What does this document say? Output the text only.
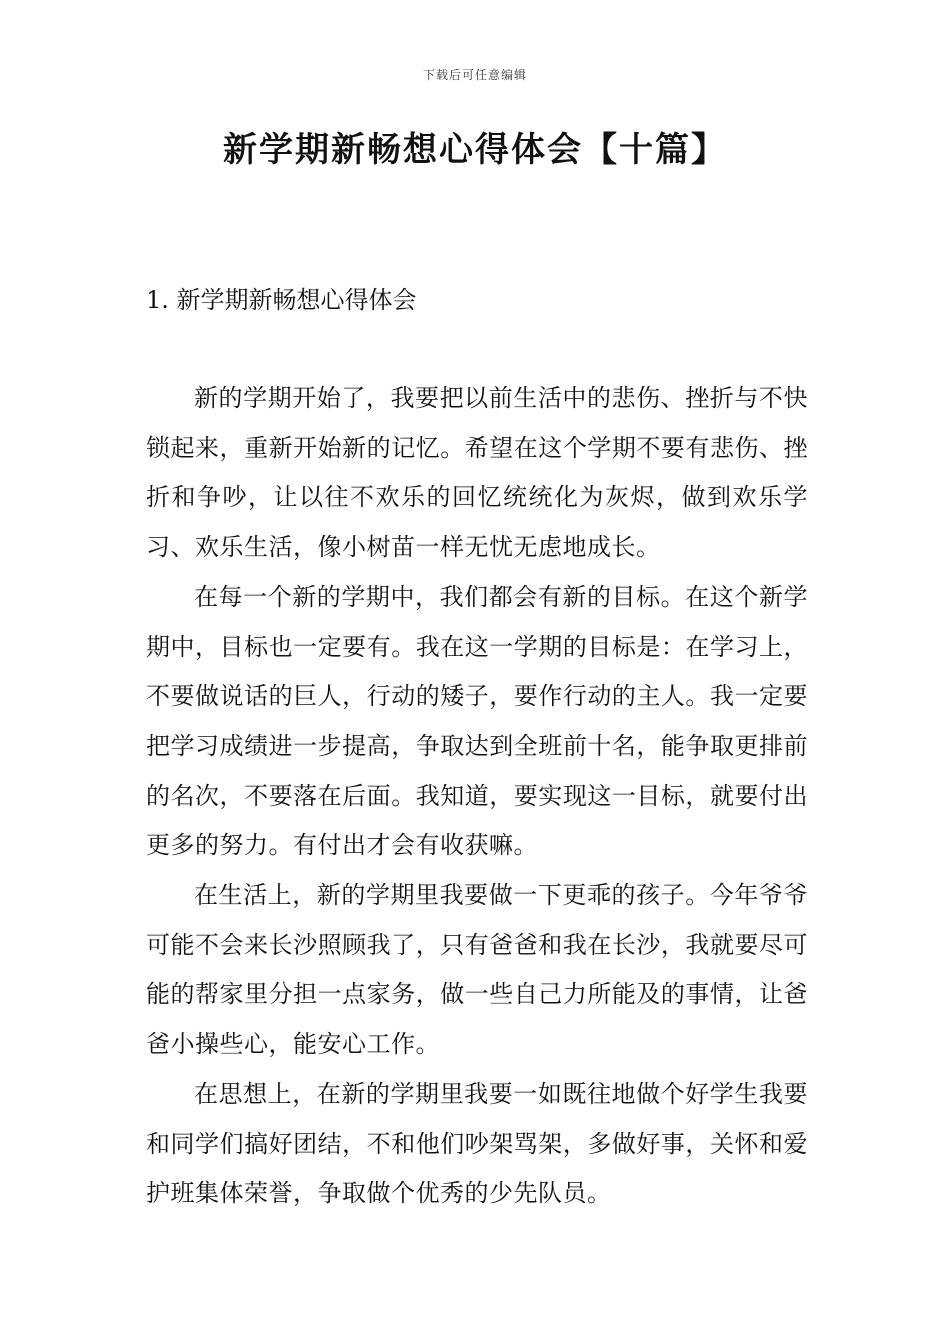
下载后可任意编辑
新学期新畅想心得体会【十篇】
1. 新学期新畅想心得体会

新的学期开始了，我要把以前生活中的悲伤、挫折与不快锁起来，重新开始新的记忆。希望在这个学期不要有悲伤、挫折和争吵，让以往不欢乐的回忆统统化为灰烬，做到欢乐学习、欢乐生活，像小树苗一样无忧无虑地成长。

在每一个新的学期中，我们都会有新的目标。在这个新学期中，目标也一定要有。我在这一学期的目标是：在学习上，不要做说话的巨人，行动的矮子，要作行动的主人。我一定要把学习成绩进一步提高，争取达到全班前十名，能争取更排前的名次，不要落在后面。我知道，要实现这一目标，就要付出更多的努力。有付出才会有收获嘛。

在生活上，新的学期里我要做一下更乖的孩子。今年爷爷可能不会来长沙照顾我了，只有爸爸和我在长沙，我就要尽可能的帮家里分担一点家务，做一些自己力所能及的事情，让爸爸小操些心，能安心工作。

在思想上，在新的学期里我要一如既往地做个好学生我要和同学们搞好团结，不和他们吵架骂架，多做好事，关怀和爱护班集体荣誉，争取做个优秀的少先队员。
